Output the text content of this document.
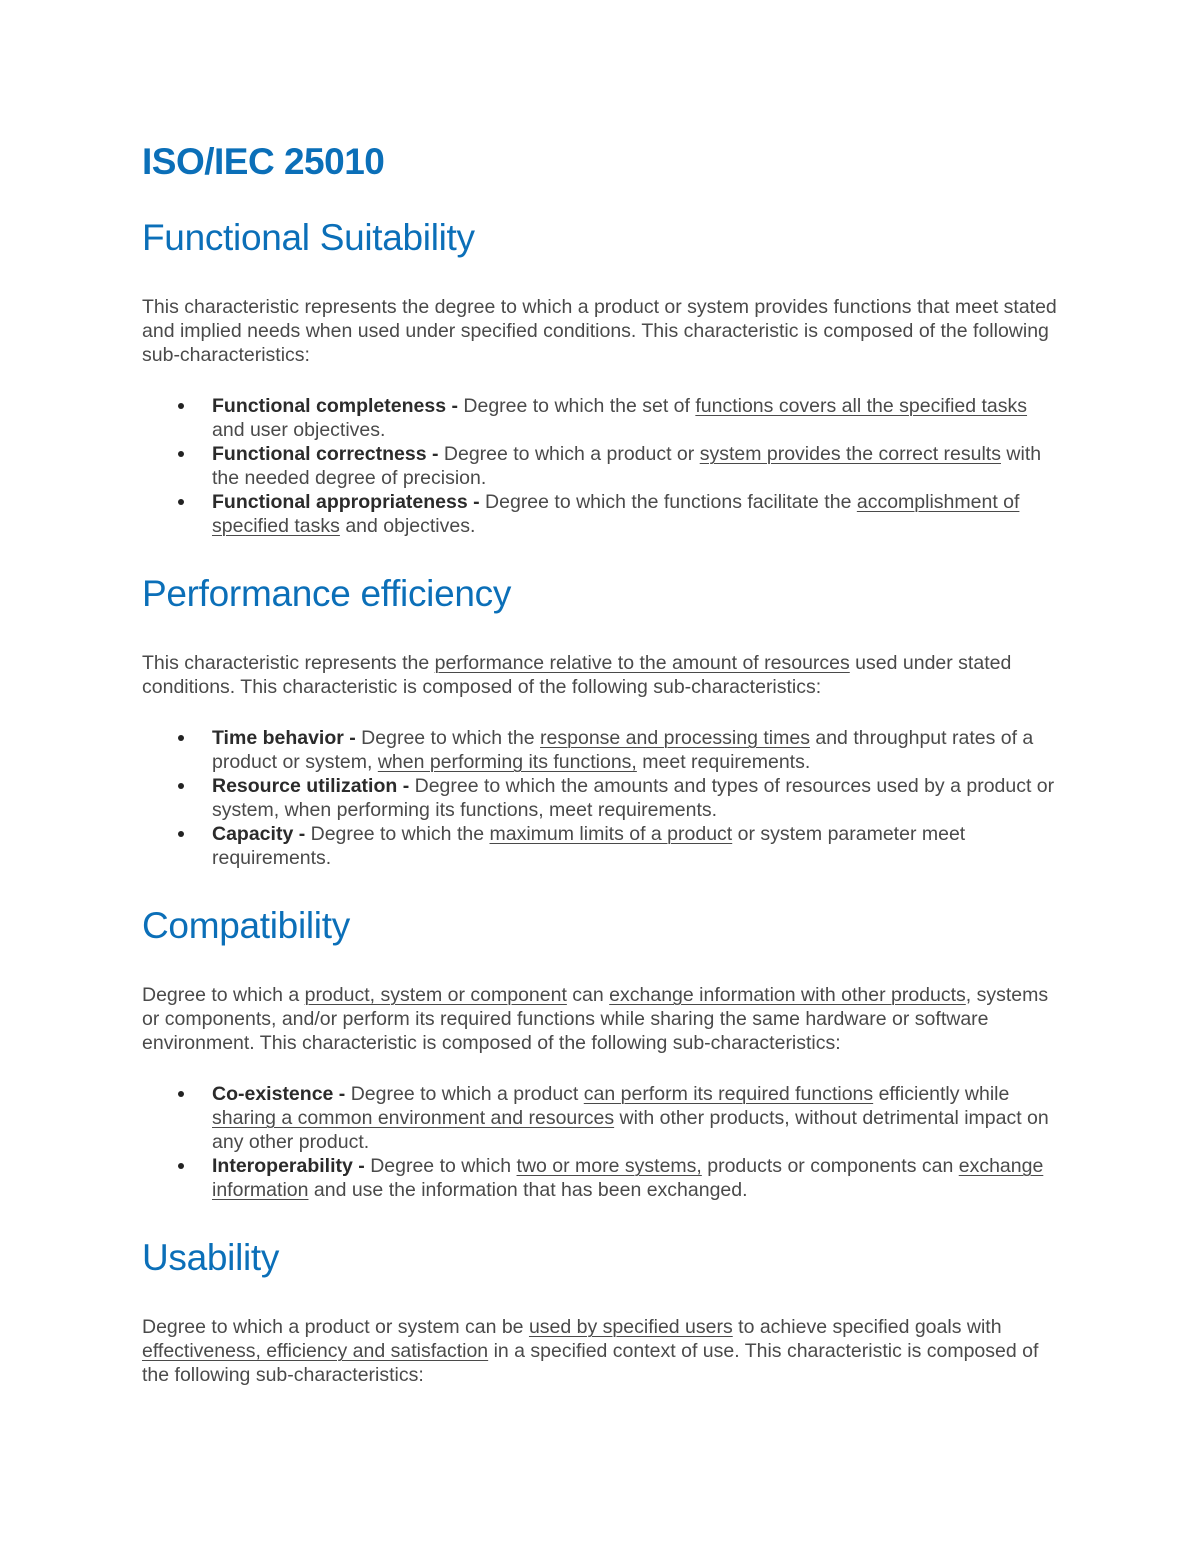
ISO/IEC 25010
Functional Suitability

This characteristic represents the degree to which a product or system provides functions that meet stated and implied needs when used under specified conditions. This characteristic is composed of the following sub-characteristics:

Functional completeness - Degree to which the set of functions covers all the specified tasks and user objectives.
Functional correctness - Degree to which a product or system provides the correct results with the needed degree of precision.
Functional appropriateness - Degree to which the functions facilitate the accomplishment of specified tasks and objectives.
Performance efficiency

This characteristic represents the performance relative to the amount of resources used under stated conditions. This characteristic is composed of the following sub-characteristics:

Time behavior - Degree to which the response and processing times and throughput rates of a product or system, when performing its functions, meet requirements.
Resource utilization - Degree to which the amounts and types of resources used by a product or system, when performing its functions, meet requirements.
Capacity - Degree to which the maximum limits of a product or system parameter meet requirements.
Compatibility

Degree to which a product, system or component can exchange information with other products, systems or components, and/or perform its required functions while sharing the same hardware or software environment. This characteristic is composed of the following sub-characteristics:

Co-existence - Degree to which a product can perform its required functions efficiently while sharing a common environment and resources with other products, without detrimental impact on any other product.
Interoperability - Degree to which two or more systems, products or components can exchange information and use the information that has been exchanged.
Usability

Degree to which a product or system can be used by specified users to achieve specified goals with effectiveness, efficiency and satisfaction in a specified context of use. This characteristic is composed of the following sub-characteristics:
